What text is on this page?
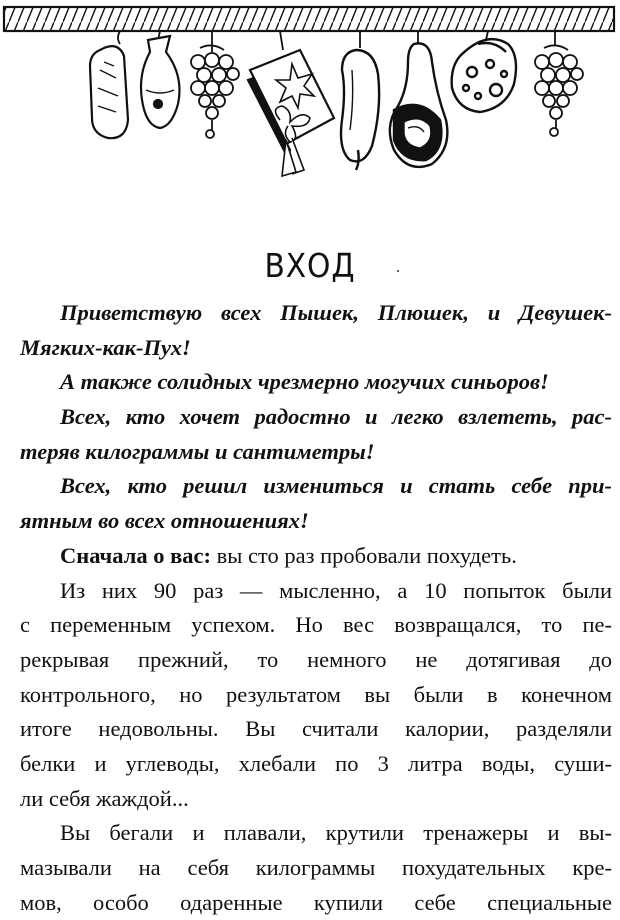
ВХОД
Приветствую всех Пышек, Плюшек, и Девушек-
Мягких-как-Пух!
А также солидных чрезмерно могучих синьоров!
Всех, кто хочет радостно и легко взлететь, рас-
теряв килограммы и сантиметры!
Всех, кто решил измениться и стать себе при-
ятным во всех отношениях!
Сначала о вас: вы сто раз пробовали похудеть.
Из них 90 раз — мысленно, а 10 попыток были
с переменным успехом. Но вес возвращался, то пе-
рекрывая прежний, то немного не дотягивая до
контрольного, но результатом вы были в конечном
итоге недовольны. Вы считали калории, разделяли
белки и углеводы, хлебали по 3 литра воды, суши-
ли себя жаждой...
Вы бегали и плавали, крутили тренажеры и вы-
мазывали на себя килограммы похудательных кре-
мов, особо одаренные купили себе специальные
